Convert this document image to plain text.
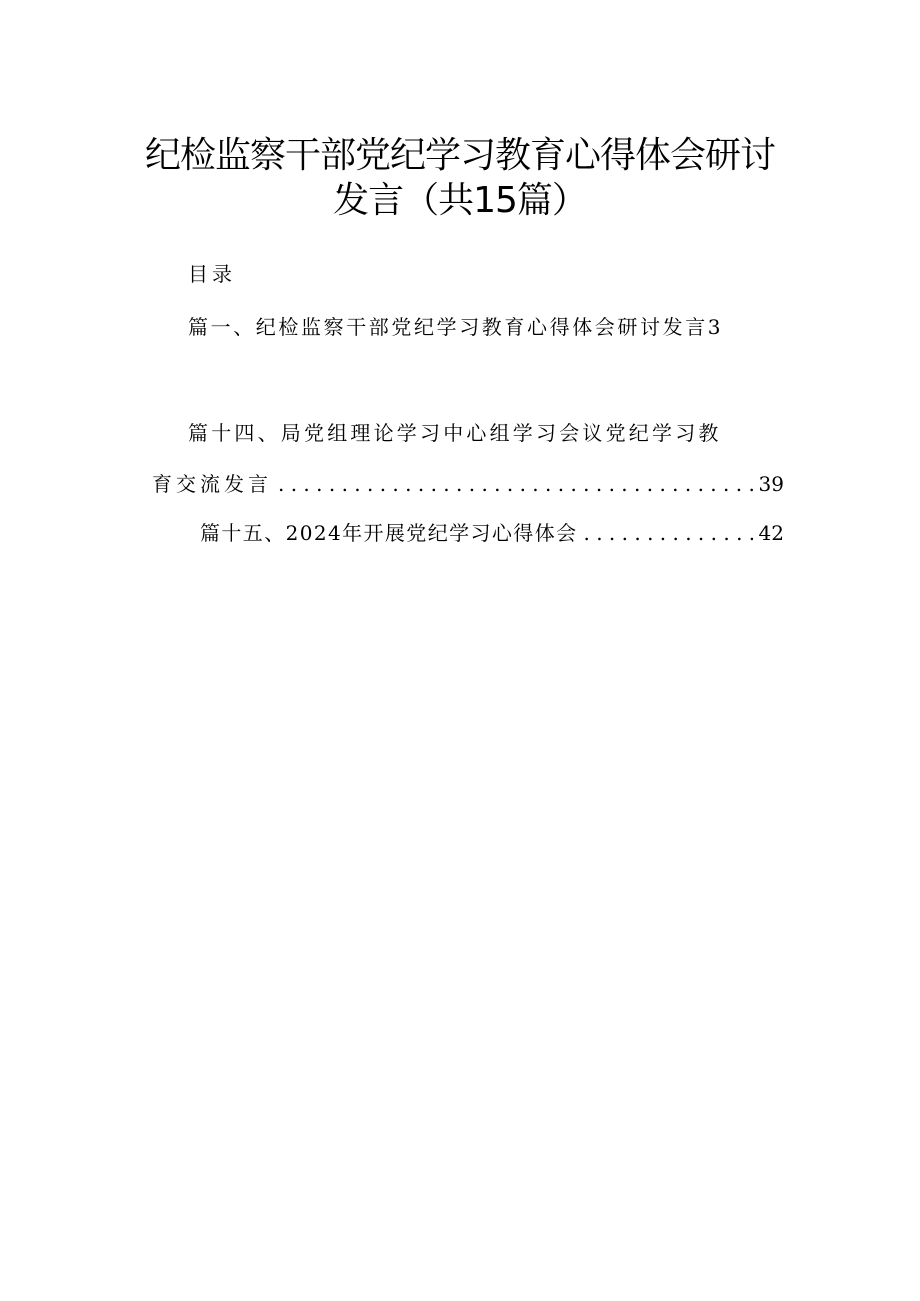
纪检监察干部党纪学习教育心得体会研讨
发言（共15篇）
目录
篇一、纪检监察干部党纪学习教育心得体会研讨发言3
篇十四、局党组理论学习中心组学习会议党纪学习教
育交流发言 . . .	39
篇十五、2024年开展党纪学习心得体会 . . .	42
